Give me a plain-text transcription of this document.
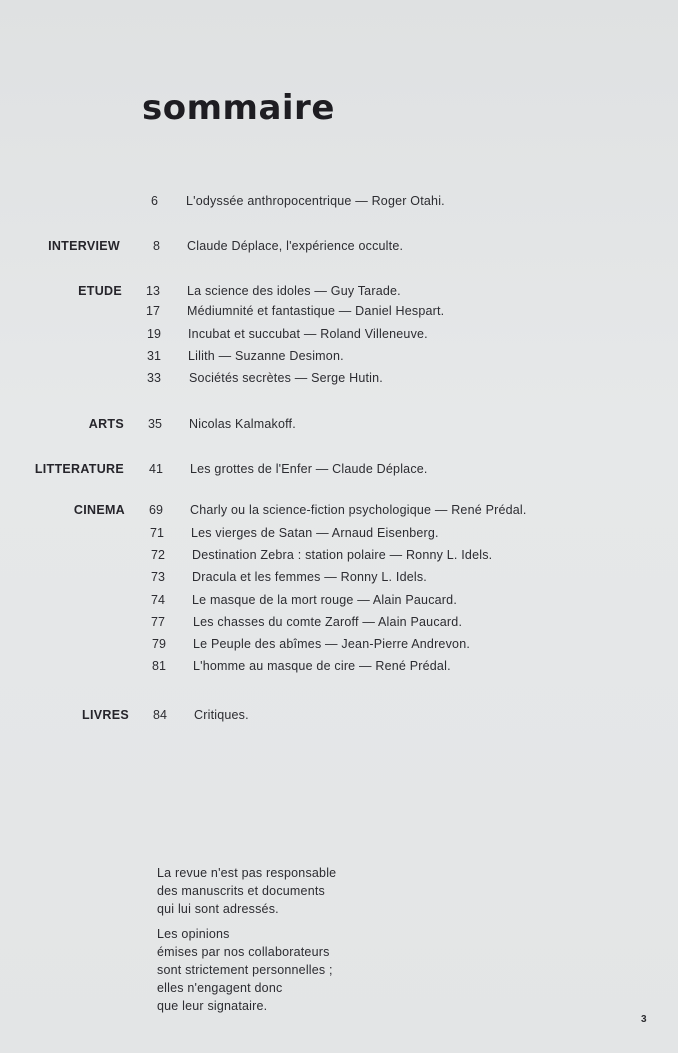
sommaire
6	L'odyssée anthropocentrique — Roger Otahi.
INTERVIEW	8	Claude Déplace, l'expérience occulte.
ETUDE 13	La science des idoles — Guy Tarade.
17	Médiumnité et fantastique — Daniel Hespart.
19	Incubat et succubat — Roland Villeneuve.
31	Lilith — Suzanne Desimon.
33	Sociétés secrètes — Serge Hutin.
ARTS 35	Nicolas Kalmakoff.
LITTERATURE 41	Les grottes de l'Enfer — Claude Déplace.
CINEMA 69	Charly ou la science-fiction psychologique — René Prédal.
71	Les vierges de Satan — Arnaud Eisenberg.
72	Destination Zebra : station polaire — Ronny L. Idels.
73	Dracula et les femmes — Ronny L. Idels.
74	Le masque de la mort rouge — Alain Paucard.
77	Les chasses du comte Zaroff — Alain Paucard.
79	Le Peuple des abîmes — Jean-Pierre Andrevon.
81	L'homme au masque de cire — René Prédal.
LIVRES 84	Critiques.

La revue n'est pas responsable

des manuscrits et documents

qui lui sont adressés.

Les opinions

émises par nos collaborateurs

sont strictement personnelles ;

elles n'engagent donc

que leur signataire.

3
